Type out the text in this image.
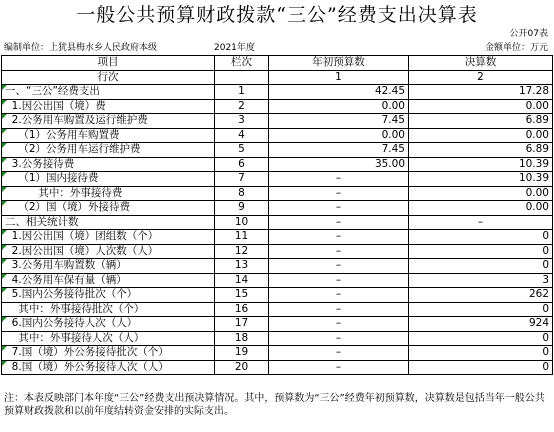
一般公共预算财政拨款“三公”经费支出决算表
公开07表
编制单位：上犹县梅水乡人民政府本级	2021年度	金额单位：万元
项目	栏次	年初预算数	决算数
行次		1	2
一、“三公”经费支出	1	42.45	17.28
1.因公出国（境）费	2	0.00	0.00
2.公务用车购置及运行维护费	3	7.45	6.89
（1）公务用车购置费	4	0.00	0.00
（2）公务用车运行维护费	5	7.45	6.89
3.公务接待费	6	35.00	10.39
（1）国内接待费	7	–	10.39
其中：外事接待费	8	–	0.00
（2）国（境）外接待费	9	–	0.00
二、相关统计数	10	–	–
1.因公出国（境）团组数（个）	11	–	0
2.因公出国（境）人次数（人）	12	–	0
3.公务用车购置数（辆）	13	–	0
4.公务用车保有量（辆）	14	–	3
5.国内公务接待批次（个）	15	–	262
其中：外事接待批次（个）	16	–	0
6.国内公务接待人次（人）	17	–	924
其中：外事接待人次（人）	18	–	0
7.国（境）外公务接待批次（个）	19	–	0
8.国（境）外公务接待人次（人）	20	–	0
注：本表反映部门本年度“三公”经费支出预决算情况。其中，预算数为“三公”经费年初预算数，决算数是包括当年一般公共预算财政拨款和以前年度结转资金安排的实际支出。
